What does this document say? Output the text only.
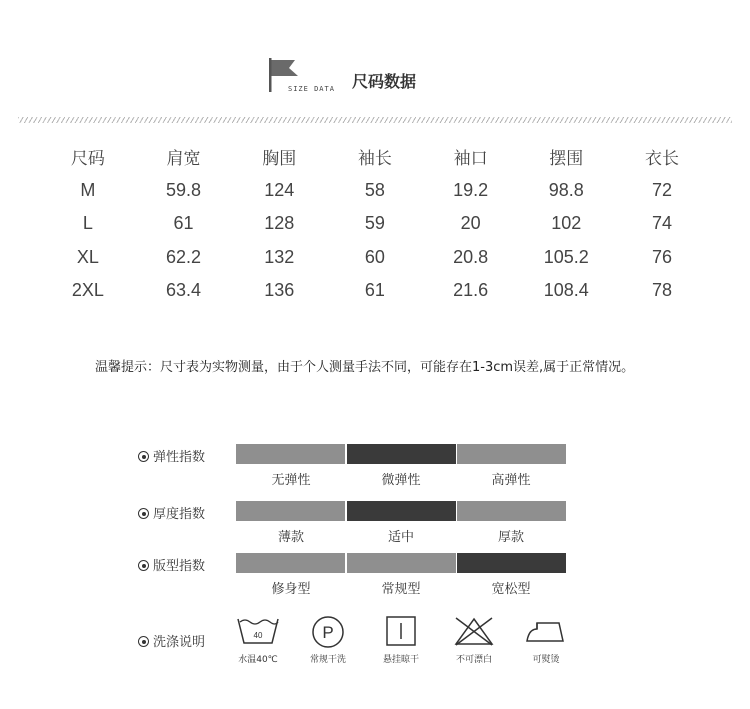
SIZE DATA 尺码数据
尺码	肩宽	胸围	袖长	袖口	摆围	衣长
M	59.8	124	58	19.2	98.8	72
L	61	128	59	20	102	74
XL	62.2	132	60	20.8	105.2	76
2XL	63.4	136	61	21.6	108.4	78
温馨提示：尺寸表为实物测量，由于个人测量手法不同，可能存在1-3cm误差,属于正常情况。
弹性指数
无弹性	微弹性	高弹性
厚度指数
薄款	适中	厚款
版型指数
修身型	常规型	宽松型
洗涤说明	40
水温40℃
P
常规干洗	悬挂晾干	不可漂白	可熨烫
